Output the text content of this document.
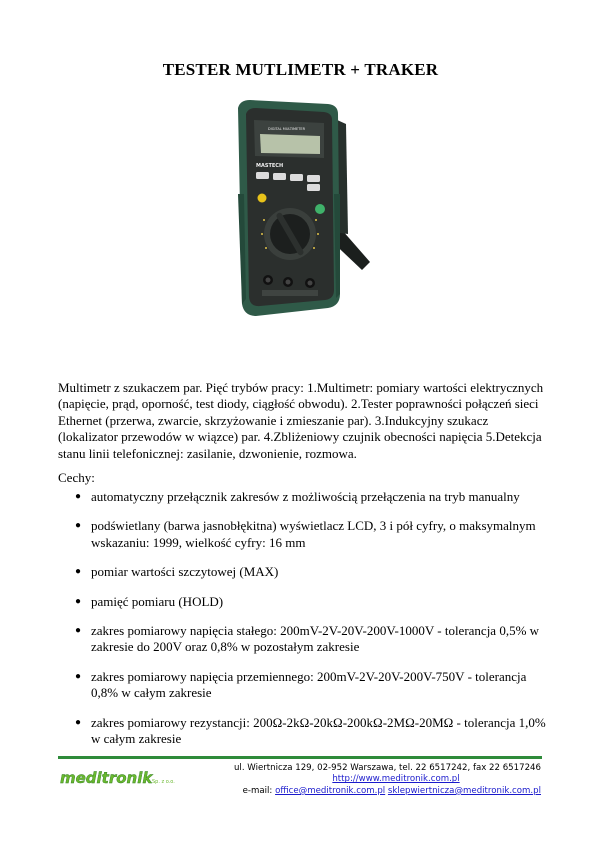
TESTER MUTLIMETR + TRAKER
DIGITAL MULTIMETER
MASTECH
Multimetr z szukaczem par. Pięć trybów pracy: 1.Multimetr: pomiary wartości elektrycznych (napięcie, prąd, oporność, test diody, ciągłość obwodu). 2.Tester poprawności połączeń sieci Ethernet (przerwa, zwarcie, skrzyżowanie i zmieszanie par). 3.Indukcyjny szukacz (lokalizator przewodów w wiązce) par. 4.Zbliżeniowy czujnik obecności napięcia 5.Detekcja stanu linii telefonicznej: zasilanie, dzwonienie, rozmowa.
Cechy:
● automatyczny przełącznik zakresów z możliwością przełączenia na tryb manualny
● podświetlany (barwa jasnobłękitna) wyświetlacz LCD, 3 i pół cyfry, o maksymalnym wskazaniu: 1999, wielkość cyfry: 16 mm
● pomiar wartości szczytowej (MAX)
● pamięć pomiaru (HOLD)
● zakres pomiarowy napięcia stałego: 200mV-2V-20V-200V-1000V - tolerancja 0,5% w zakresie do 200V oraz 0,8% w pozostałym zakresie
● zakres pomiarowy napięcia przemiennego: 200mV-2V-20V-200V-750V - tolerancja 0,8% w całym zakresie
● zakres pomiarowy rezystancji: 200Ω-2kΩ-20kΩ-200kΩ-2MΩ-20MΩ - tolerancja 1,0% w całym zakresie
meditronik Sp. z o.o.
ul. Wiertnicza 129, 02-952 Warszawa, tel. 22 6517242, fax 22 6517246
http://www.meditronik.com.pl
e-mail: office@meditronik.com.pl sklepwiertnicza@meditronik.com.pl
